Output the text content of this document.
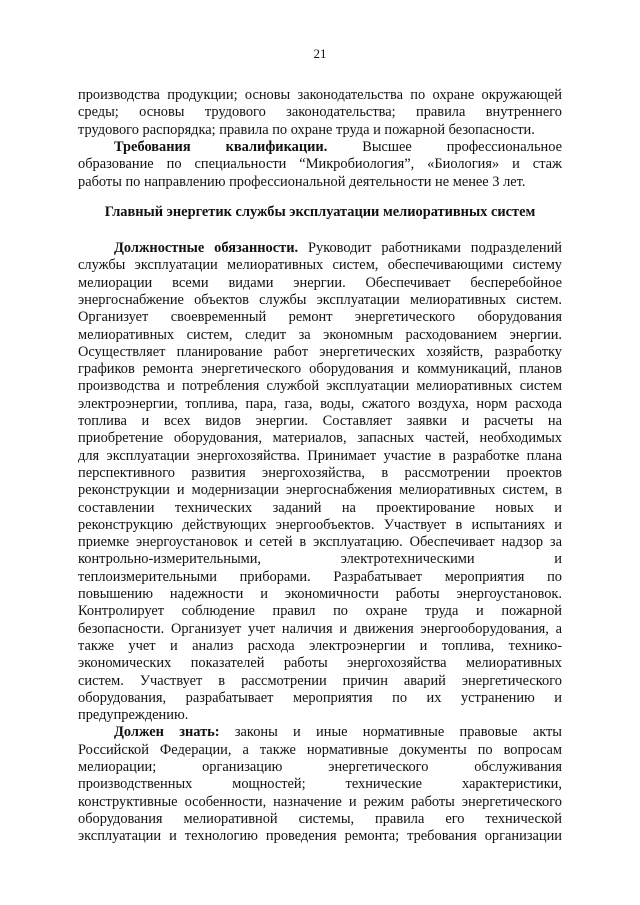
21
производства продукции; основы законодательства по охране окружающей
среды; основы трудового законодательства; правила внутреннего
трудового распорядка; правила по охране труда и пожарной безопасности.
Требования квалификации. Высшее профессиональное
образование по специальности “Микробиология”, «Биология» и стаж
работы по направлению профессиональной деятельности не менее 3 лет.
Главный энергетик службы эксплуатации мелиоративных систем
Должностные обязанности. Руководит работниками подразделений
службы эксплуатации мелиоративных систем, обеспечивающими систему
мелиорации всеми видами энергии. Обеспечивает бесперебойное
энергоснабжение объектов службы эксплуатации мелиоративных систем.
Организует своевременный ремонт энергетического оборудования
мелиоративных систем, следит за экономным расходованием энергии.
Осуществляет планирование работ энергетических хозяйств, разработку
графиков ремонта энергетического оборудования и коммуникаций, планов
производства и потребления службой эксплуатации мелиоративных систем
электроэнергии, топлива, пара, газа, воды, сжатого воздуха, норм расхода
топлива и всех видов энергии. Составляет заявки и расчеты на
приобретение оборудования, материалов, запасных частей, необходимых
для эксплуатации энергохозяйства. Принимает участие в разработке плана
перспективного развития энергохозяйства, в рассмотрении проектов
реконструкции и модернизации энергоснабжения мелиоративных систем, в
составлении технических заданий на проектирование новых и
реконструкцию действующих энергообъектов. Участвует в испытаниях и
приемке энергоустановок и сетей в эксплуатацию. Обеспечивает надзор за
контрольно-измерительными, электротехническими и
теплоизмерительными приборами. Разрабатывает мероприятия по
повышению надежности и экономичности работы энергоустановок.
Контролирует соблюдение правил по охране труда и пожарной
безопасности. Организует учет наличия и движения энергооборудования, а
также учет и анализ расхода электроэнергии и топлива, технико-
экономических показателей работы энергохозяйства мелиоративных
систем. Участвует в рассмотрении причин аварий энергетического
оборудования, разрабатывает мероприятия по их устранению и
предупреждению.
Должен знать: законы и иные нормативные правовые акты
Российской Федерации, а также нормативные документы по вопросам
мелиорации; организацию энергетического обслуживания
производственных мощностей; технические характеристики,
конструктивные особенности, назначение и режим работы энергетического
оборудования мелиоративной системы, правила его технической
эксплуатации и технологию проведения ремонта; требования организации
